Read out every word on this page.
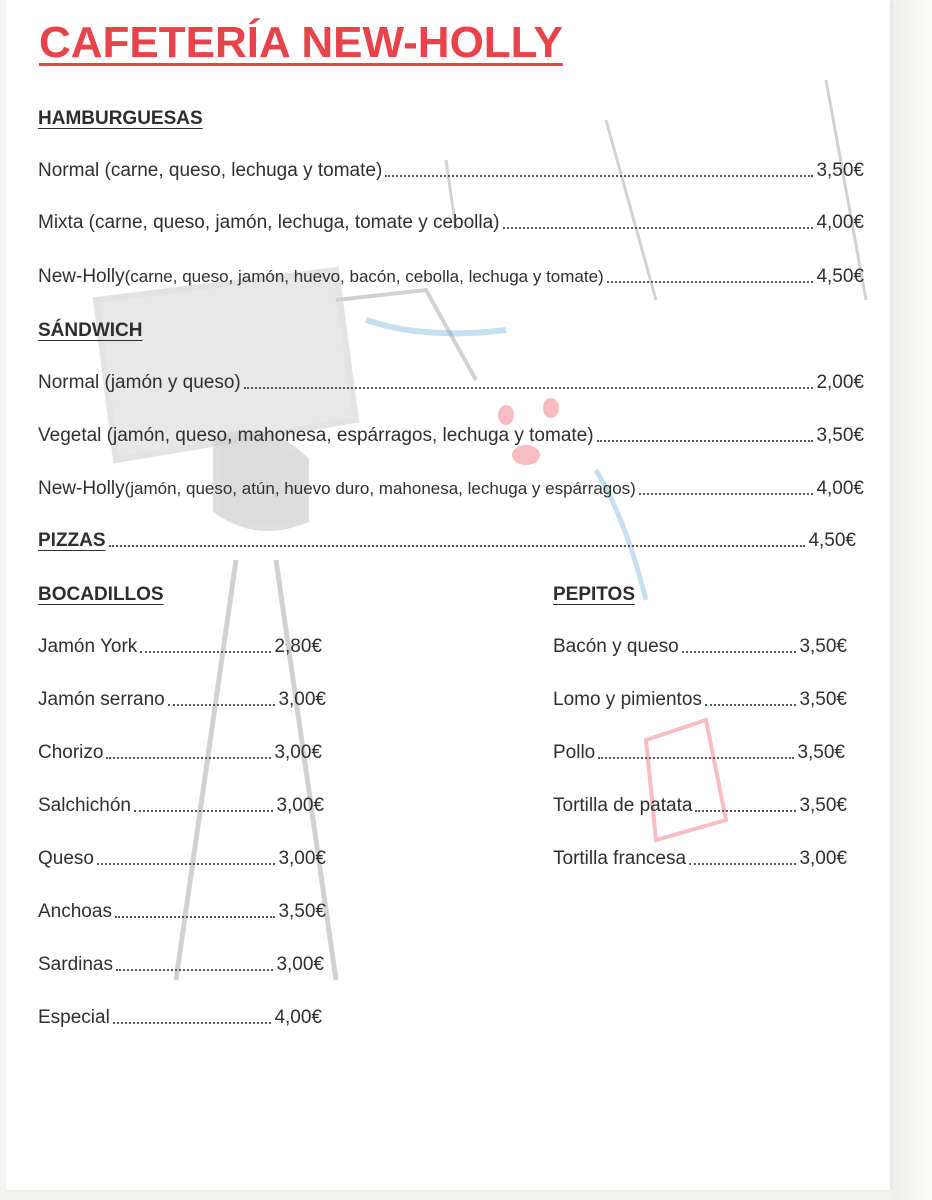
CAFETERÍA NEW-HOLLY
HAMBURGUESAS
Normal (carne, queso, lechuga y tomate)	3,50€
Mixta (carne, queso, jamón, lechuga, tomate y cebolla)	4,00€
New-Holly (carne, queso, jamón, huevo, bacón, cebolla, lechuga y tomate)	4,50€
SÁNDWICH
Normal (jamón y queso)	2,00€
Vegetal (jamón, queso, mahonesa, espárragos, lechuga y tomate)	3,50€
New-Holly (jamón, queso, atún, huevo duro, mahonesa, lechuga y espárragos)	4,00€
PIZZAS	4,50€
BOCADILLOS
Jamón York	2,80€
Jamón serrano	3,00€
Chorizo	3,00€
Salchichón	3,00€
Queso	3,00€
Anchoas	3,50€
Sardinas	3,00€
Especial	4,00€
PEPITOS
Bacón y queso	3,50€
Lomo y pimientos	3,50€
Pollo	3,50€
Tortilla de patata	3,50€
Tortilla francesa	3,00€
